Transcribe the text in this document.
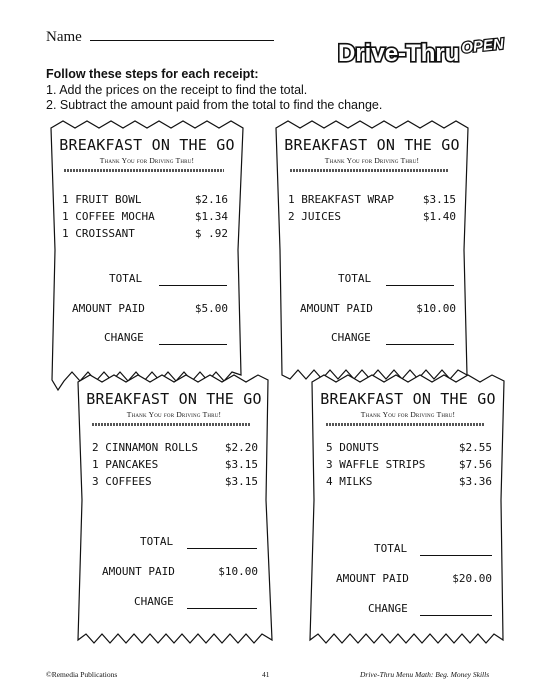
Name
Drive-Thru OPEN
Follow these steps for each receipt:
1. Add the prices on the receipt to find the total.
2. Subtract the amount paid from the total to find the change.
BREAKFAST ON THE GO
Thank You for Driving Thru!
1 FRUIT BOWL	$2.16
1 COFFEE MOCHA	$1.34
1 CROISSANT	$ .92
TOTAL
AMOUNT PAID	$5.00
CHANGE
BREAKFAST ON THE GO
Thank You for Driving Thru!
1 BREAKFAST WRAP	$3.15
2 JUICES	$1.40
TOTAL
AMOUNT PAID	$10.00
CHANGE
BREAKFAST ON THE GO
Thank You for Driving Thru!
2 CINNAMON ROLLS $2.20
1 PANCAKES	$3.15
3 COFFEES	$3.15
TOTAL
AMOUNT PAID	$10.00
CHANGE
BREAKFAST ON THE GO
Thank You for Driving Thru!
5 DONUTS	$2.55
3 WAFFLE STRIPS	$7.56
4 MILKS	$3.36
TOTAL
AMOUNT PAID	$20.00
CHANGE
©Remedia Publications	41	Drive-Thru Menu Math: Beg. Money Skills
